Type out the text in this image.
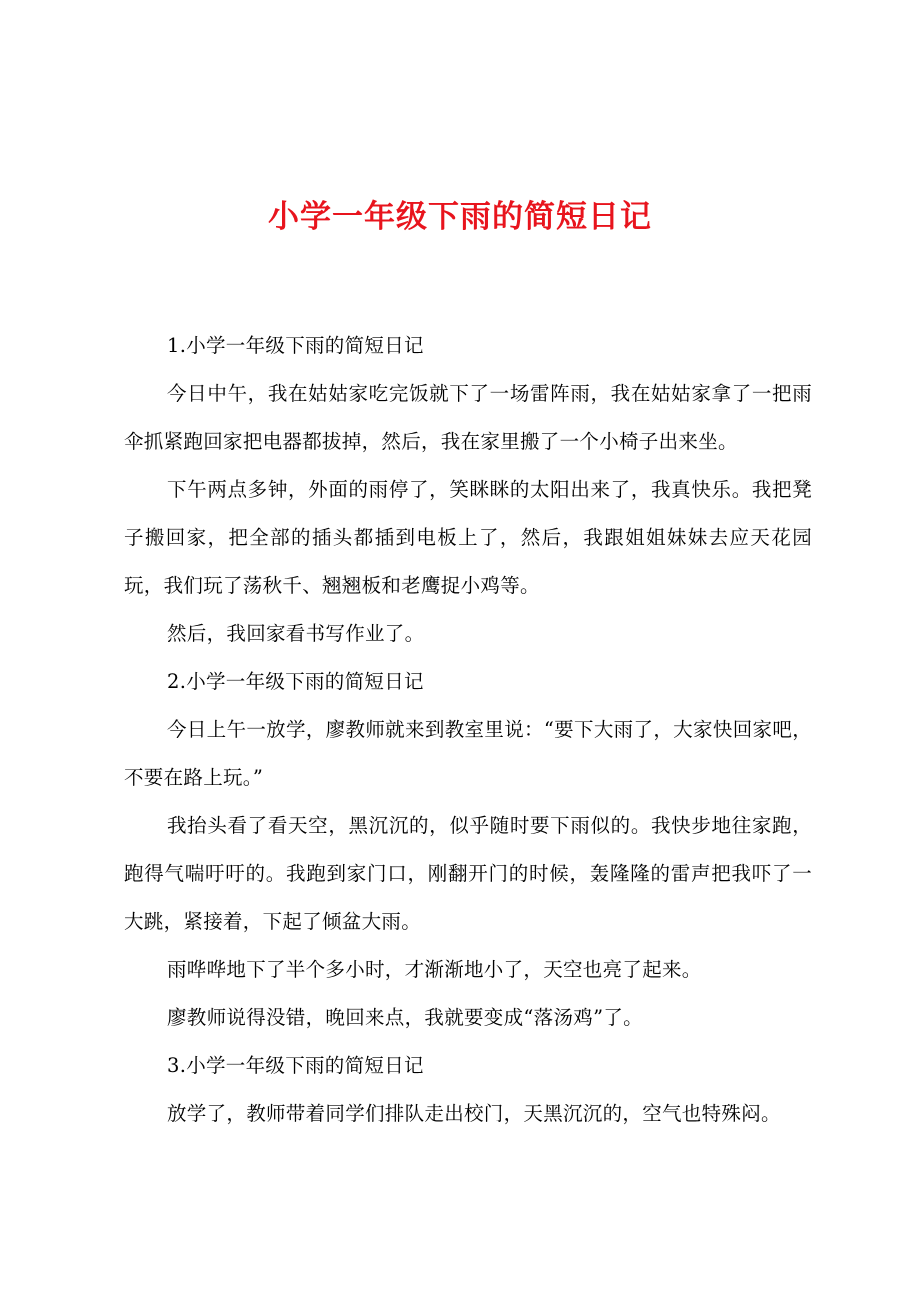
小学一年级下雨的简短日记

1.小学一年级下雨的简短日记

今日中午，我在姑姑家吃完饭就下了一场雷阵雨，我在姑姑家拿了一把雨伞抓紧跑回家把电器都拔掉，然后，我在家里搬了一个小椅子出来坐。

下午两点多钟，外面的雨停了，笑眯眯的太阳出来了，我真快乐。我把凳子搬回家，把全部的插头都插到电板上了，然后，我跟姐姐妹妹去应天花园玩，我们玩了荡秋千、翘翘板和老鹰捉小鸡等。

然后，我回家看书写作业了。

2.小学一年级下雨的简短日记

今日上午一放学，廖教师就来到教室里说：“要下大雨了，大家快回家吧，不要在路上玩。”

我抬头看了看天空，黑沉沉的，似乎随时要下雨似的。我快步地往家跑，跑得气喘吁吁的。我跑到家门口，刚翻开门的时候，轰隆隆的雷声把我吓了一大跳，紧接着，下起了倾盆大雨。

雨哗哗地下了半个多小时，才渐渐地小了，天空也亮了起来。

廖教师说得没错，晚回来点，我就要变成“落汤鸡”了。

3.小学一年级下雨的简短日记

放学了，教师带着同学们排队走出校门，天黑沉沉的，空气也特殊闷。
